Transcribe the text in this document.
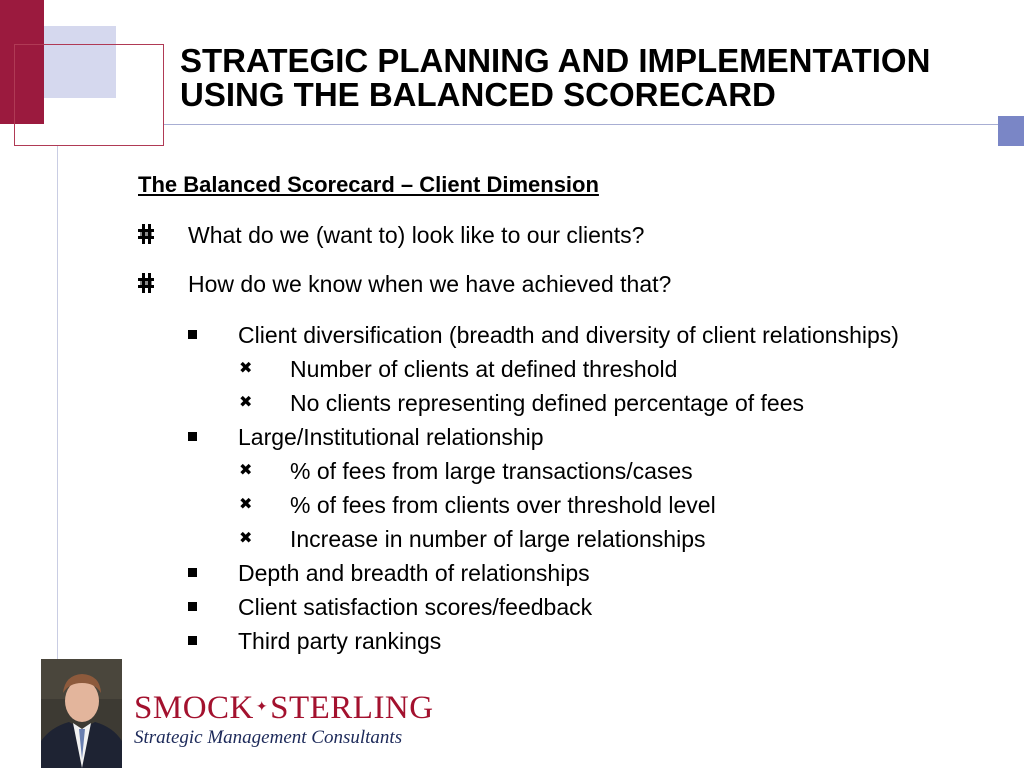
STRATEGIC PLANNING AND IMPLEMENTATION
USING THE BALANCED SCORECARD
The Balanced Scorecard – Client Dimension
What do we (want to) look like to our clients?
How do we know when we have achieved that?
Client diversification (breadth and diversity of client relationships)
✖ Number of clients at defined threshold
✖ No clients representing defined percentage of fees
Large/Institutional relationship
✖ % of fees from large transactions/cases
✖ % of fees from clients over threshold level
✖ Increase in number of large relationships
Depth and breadth of relationships
Client satisfaction scores/feedback
Third party rankings

SMOCK ✦STERLING

Strategic Management Consultants
